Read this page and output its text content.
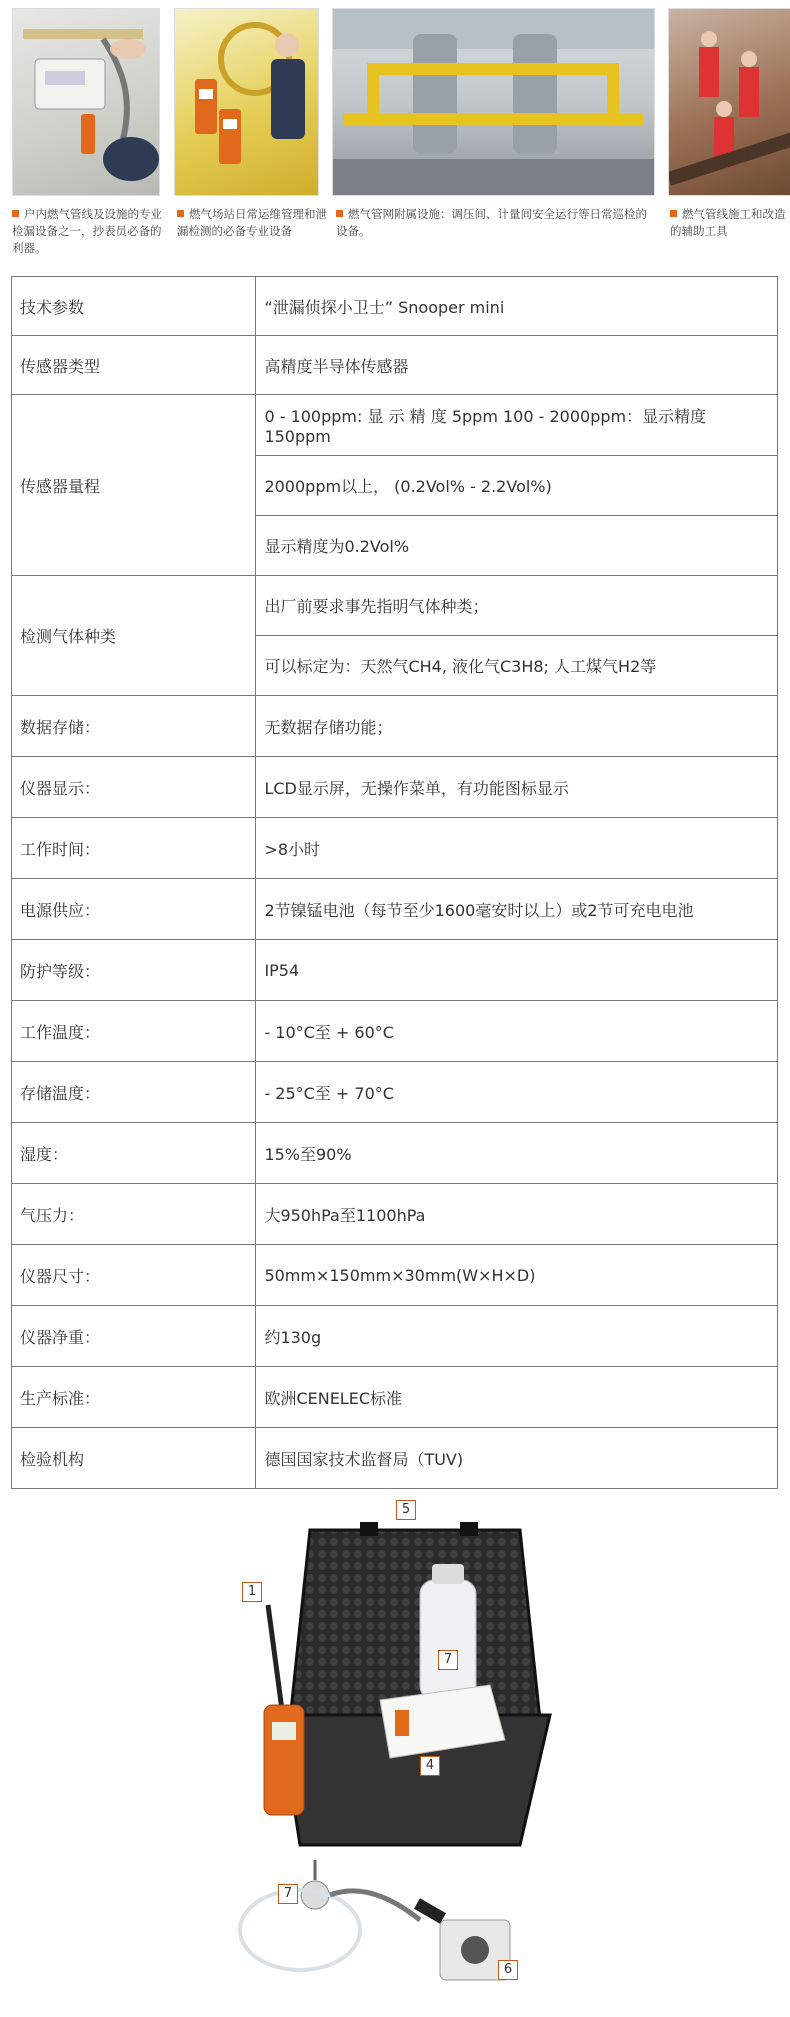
户内燃气管线及设施的专业检漏设备之一，抄表员必备的利器。
燃气场站日常运维管理和泄漏检测的必备专业设备
燃气管网附属设施：调压间、计量间安全运行等日常巡检的设备。
燃气管线施工和改造的辅助工具
技术参数	“泄漏侦探小卫士” Snooper mini
传感器类型	高精度半导体传感器
传感器量程	0 - 100ppm: 显 示 精 度 5ppm 100 - 2000ppm：显示精度 150ppm
	2000ppm以上， (0.2Vol% - 2.2Vol%)
	显示精度为0.2Vol%
检测气体种类	出厂前要求事先指明气体种类；
	可以标定为：天然气CH4, 液化气C3H8; 人工煤气H2等
数据存储：	无数据存储功能；
仪器显示：	LCD显示屏，无操作菜单，有功能图标显示
工作时间：	>8小时
电源供应：	2节镍锰电池（每节至少1600毫安时以上）或2节可充电电池
防护等级：	IP54
工作温度：	- 10°C至 + 60°C
存储温度：	- 25°C至 + 70°C
湿度：	15%至90%
气压力：	大950hPa至1100hPa
仪器尺寸：	50mm×150mm×30mm(W×H×D)
仪器净重：	约130g
生产标准：	欧洲CENELEC标准
检验机构	德国国家技术监督局（TUV)
1
5
7
4
7
6
